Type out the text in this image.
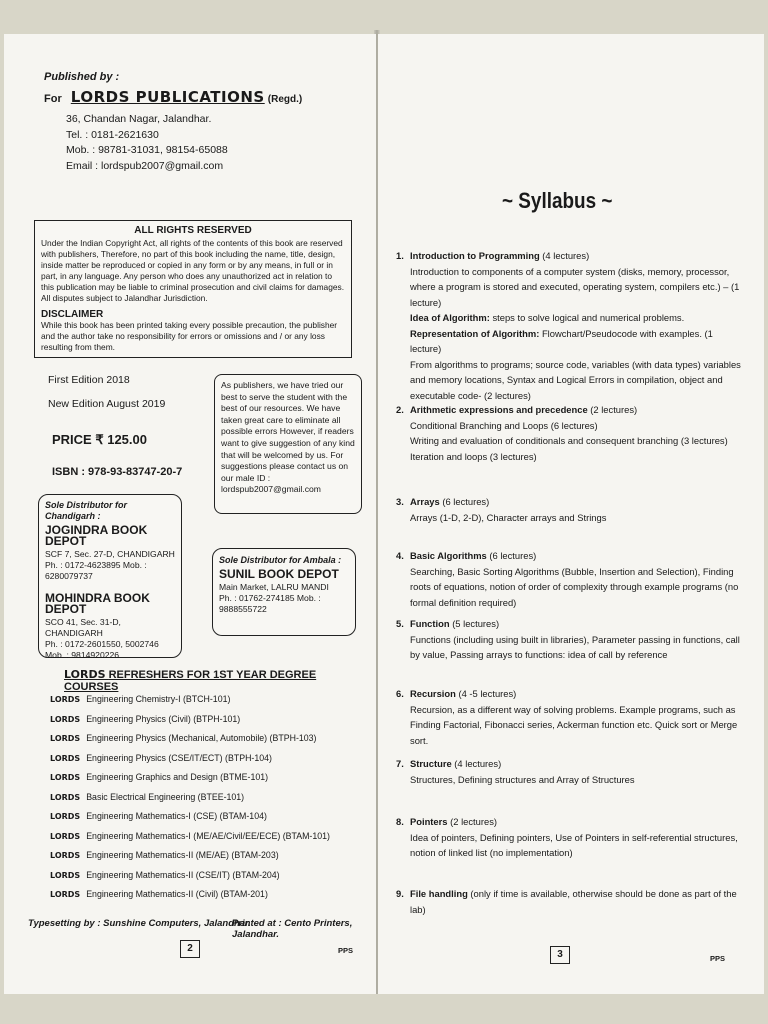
Published by :
For LORDS PUBLICATIONS (Regd.)
36, Chandan Nagar, Jalandhar.
Tel. : 0181-2621630
Mob. : 98781-31031, 98154-65088
Email : lordspub2007@gmail.com
ALL RIGHTS RESERVED
Under the Indian Copyright Act, all rights of the contents of this book are reserved with publishers, Therefore, no part of this book including the name, title, design, inside matter be reproduced or copied in any form or by any means, in full or in part, in any language. Any person who does any unauthorized act in relation to this publication may be liable to criminal prosecution and civil claims for damages. All disputes subject to Jalandhar Jurisdiction.
DISCLAIMER
While this book has been printed taking every possible precaution, the publisher and the author take no responsibility for errors or omissions and / or any loss resulting from them.
First Edition 2018
New Edition August 2019
PRICE ₹ 125.00
ISBN : 978-93-83747-20-7
As publishers, we have tried our best to serve the student with the best of our resources. We have taken great care to eliminate all possible errors However, if readers want to give suggestion of any kind that will be welcomed by us. For suggestions please contact us on our male ID : lordspub2007@gmail.com
Sole Distributor for Chandigarh :
JOGINDRA BOOK DEPOT
SCF 7, Sec. 27-D, CHANDIGARH
Ph. : 0172-4623895 Mob. : 6280079737
MOHINDRA BOOK DEPOT
SCO 41, Sec. 31-D, CHANDIGARH
Ph. : 0172-2601550, 5002746
Mob. : 9814920226
Sole Distributor for Ambala :
SUNIL BOOK DEPOT
Main Market, LALRU MANDI
Ph. : 01762-274185 Mob. : 9888555722
LORDS REFRESHERS FOR 1ST YEAR DEGREE COURSES
LORDS Engineering Chemistry-I (BTCH-101)
LORDS Engineering Physics (Civil) (BTPH-101)
LORDS Engineering Physics (Mechanical, Automobile) (BTPH-103)
LORDS Engineering Physics (CSE/IT/ECT) (BTPH-104)
LORDS Engineering Graphics and Design (BTME-101)
LORDS Basic Electrical Engineering (BTEE-101)
LORDS Engineering Mathematics-I (CSE) (BTAM-104)
LORDS Engineering Mathematics-I (ME/AE/Civil/EE/ECE) (BTAM-101)
LORDS Engineering Mathematics-II (ME/AE) (BTAM-203)
LORDS Engineering Mathematics-II (CSE/IT) (BTAM-204)
LORDS Engineering Mathematics-II (Civil) (BTAM-201)
Typesetting by : Sunshine Computers, Jalandhar.
Printed at : Cento Printers, Jalandhar.
2	PPS
~ Syllabus ~
1. Introduction to Programming (4 lectures)
Introduction to components of a computer system (disks, memory, processor, where a program is stored and executed, operating system, compilers etc.) – (1 lecture)
Idea of Algorithm: steps to solve logical and numerical problems.
Representation of Algorithm: Flowchart/Pseudocode with examples. (1 lecture)
From algorithms to programs; source code, variables (with data types) variables and memory locations, Syntax and Logical Errors in compilation, object and executable code- (2 lectures)
2. Arithmetic expressions and precedence (2 lectures)
Conditional Branching and Loops (6 lectures)
Writing and evaluation of conditionals and consequent branching (3 lectures)
Iteration and loops (3 lectures)
3. Arrays (6 lectures)
Arrays (1-D, 2-D), Character arrays and Strings
4. Basic Algorithms (6 lectures)
Searching, Basic Sorting Algorithms (Bubble, Insertion and Selection), Finding roots of equations, notion of order of complexity through example programs (no formal definition required)
5. Function (5 lectures)
Functions (including using built in libraries), Parameter passing in functions, call by value, Passing arrays to functions: idea of call by reference
6. Recursion (4 -5 lectures)
Recursion, as a different way of solving problems. Example programs, such as Finding Factorial, Fibonacci series, Ackerman function etc. Quick sort or Merge sort.
7. Structure (4 lectures)
Structures, Defining structures and Array of Structures
8. Pointers (2 lectures)
Idea of pointers, Defining pointers, Use of Pointers in self-referential structures, notion of linked list (no implementation)
9. File handling (only if time is available, otherwise should be done as part of the lab)
3	PPS
